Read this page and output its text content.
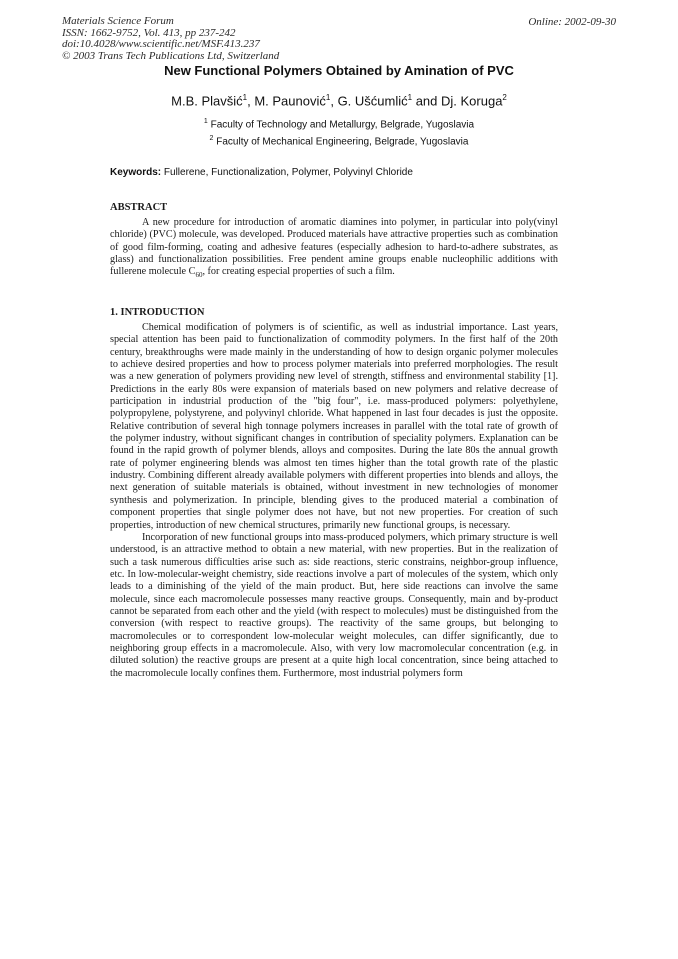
Materials Science Forum
ISSN: 1662-9752, Vol. 413, pp 237-242
doi:10.4028/www.scientific.net/MSF.413.237
© 2003 Trans Tech Publications Ltd, Switzerland
Online: 2002-09-30
New Functional Polymers Obtained by Amination of PVC
M.B. Plavšić$^1$, M. Paunović$^1$, G. Ušćumlić$^1$ and Dj. Koruga$^2$
$^1$ Faculty of Technology and Metallurgy, Belgrade, Yugoslavia
$^2$ Faculty of Mechanical Engineering, Belgrade, Yugoslavia
Keywords: Fullerene, Functionalization, Polymer, Polyvinyl Chloride
ABSTRACT

A new procedure for introduction of aromatic diamines into polymer, in particular into poly(vinyl chloride) (PVC) molecule, was developed. Produced materials have attractive properties such as combination of good film-forming, coating and adhesive features (especially adhesion to hard-to-adhere substrates, as glass) and functionalization possibilities. Free pendent amine groups enable nucleophilic additions with fullerene molecule $C_{60}$, for creating especial properties of such a film.

1. INTRODUCTION

Chemical modification of polymers is of scientific, as well as industrial importance. Last years, special attention has been paid to functionalization of commodity polymers. In the first half of the 20th century, breakthroughs were made mainly in the understanding of how to design organic polymer molecules to achieve desired properties and how to process polymer materials into preferred morphologies. The result was a new generation of polymers providing new level of strength, stiffness and environmental stability [1]. Predictions in the early 80s were expansion of materials based on new polymers and relative decrease of participation in industrial production of the "big four", i.e. mass-produced polymers: polyethylene, polypropylene, polystyrene, and polyvinyl chloride. What happened in last four decades is just the opposite. Relative contribution of several high tonnage polymers increases in parallel with the total rate of growth of the polymer industry, without significant changes in contribution of speciality polymers. Explanation can be found in the rapid growth of polymer blends, alloys and composites. During the late 80s the annual growth rate of polymer engineering blends was almost ten times higher than the total growth rate of the plastic industry. Combining different already available polymers with different properties into blends and alloys, the next generation of suitable materials is obtained, without investment in new technologies of monomer synthesis and polymerization. In principle, blending gives to the produced material a combination of component properties that single polymer does not have, but not new properties. For creation of such properties, introduction of new chemical structures, primarily new functional groups, is necessary.

Incorporation of new functional groups into mass-produced polymers, which primary structure is well understood, is an attractive method to obtain a new material, with new properties. But in the realization of such a task numerous difficulties arise such as: side reactions, steric constrains, neighbor-group influence, etc. In low-molecular-weight chemistry, side reactions involve a part of molecules of the system, which only leads to a diminishing of the yield of the main product. But, here side reactions can involve the same molecule, since each macromolecule possesses many reactive groups. Consequently, main and by-product cannot be separated from each other and the yield (with respect to molecules) must be distinguished from the conversion (with respect to reactive groups). The reactivity of the same groups, but belonging to macromolecules or to correspondent low-molecular weight molecules, can differ significantly, due to neighboring group effects in a macromolecule. Also, with very low macromolecular concentration (e.g. in diluted solution) the reactive groups are present at a quite high local concentration, since being attached to the macromolecule locally confines them. Furthermore, most industrial polymers form
